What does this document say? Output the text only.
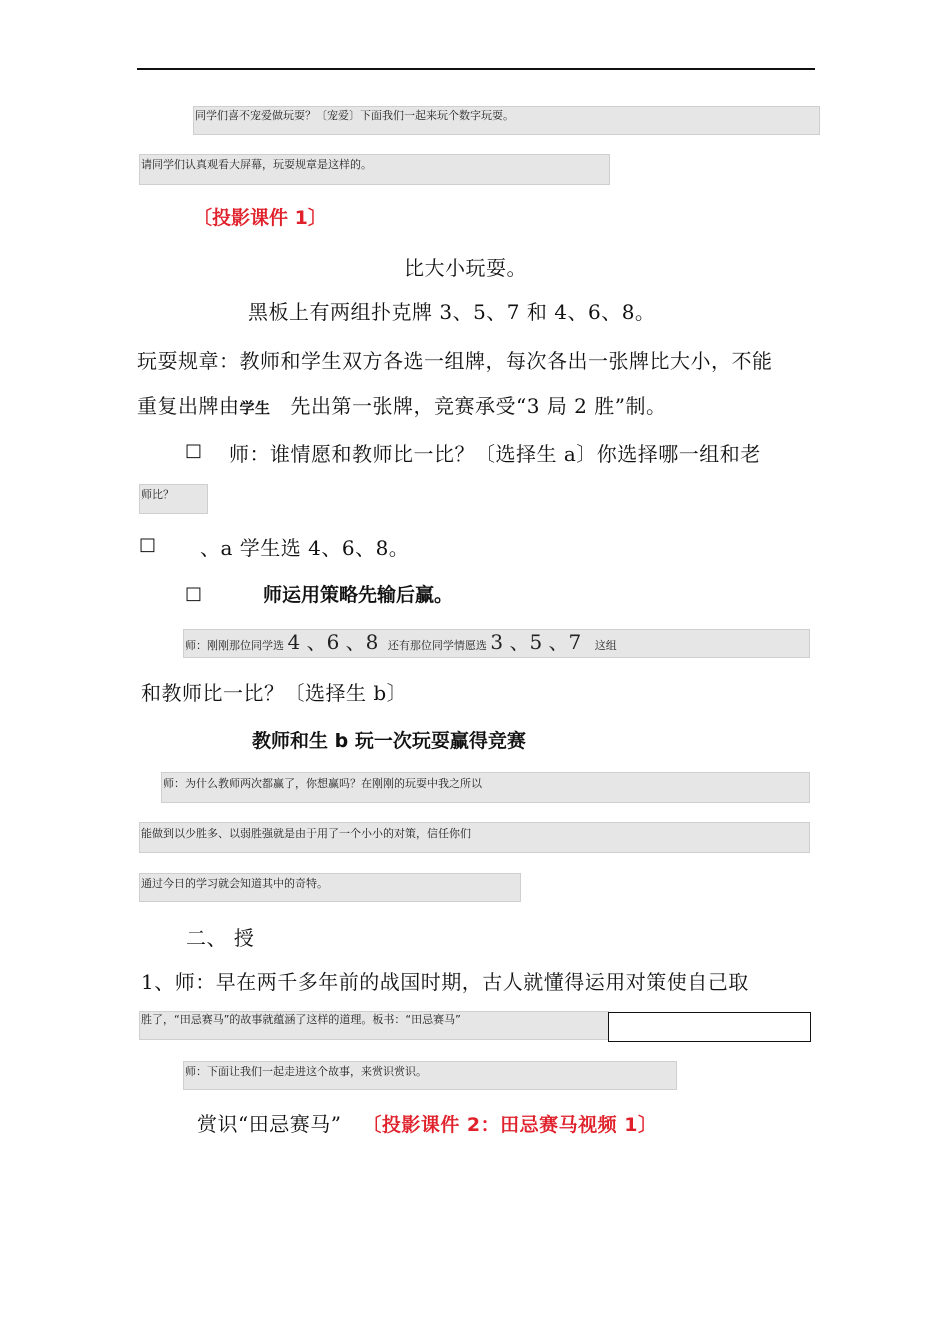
同学们喜不宠爱做玩耍？〔宠爱〕下面我们一起来玩个数字玩耍。
请同学们认真观看大屏幕，玩耍规章是这样的。
〔投影课件 1〕
比大小玩耍。
黑板上有两组扑克牌 3、5、7 和 4、6、8。
玩耍规章：教师和学生双方各选一组牌，每次各出一张牌比大小，不能
重复出牌由学生 先出第一张牌，竞赛承受“3 局 2 胜”制。
□ 师：谁情愿和教师比一比？〔选择生 a〕你选择哪一组和老
师比？
□ 、a 学生选 4、6、8。
□	师运用策略先输后赢。
师：刚刚那位同学选 4 、6 、8 还有那位同学情愿选 3 、5 、7 这组
和教师比一比？〔选择生 b〕
教师和生 b 玩一次玩耍赢得竞赛
师：为什么教师两次都赢了，你想赢吗？在刚刚的玩耍中我之所以
能做到以少胜多、以弱胜强就是由于用了一个小小的对策，信任你们
通过今日的学习就会知道其中的奇特。
二、 授
1、师：早在两千多年前的战国时期，古人就懂得运用对策使自己取
胜了，“田忌赛马”的故事就蕴涵了这样的道理。板书：“田忌赛马”
师：下面让我们一起走进这个故事，来赏识赏识。
赏识“田忌赛马” 〔投影课件 2：田忌赛马视频 1〕
